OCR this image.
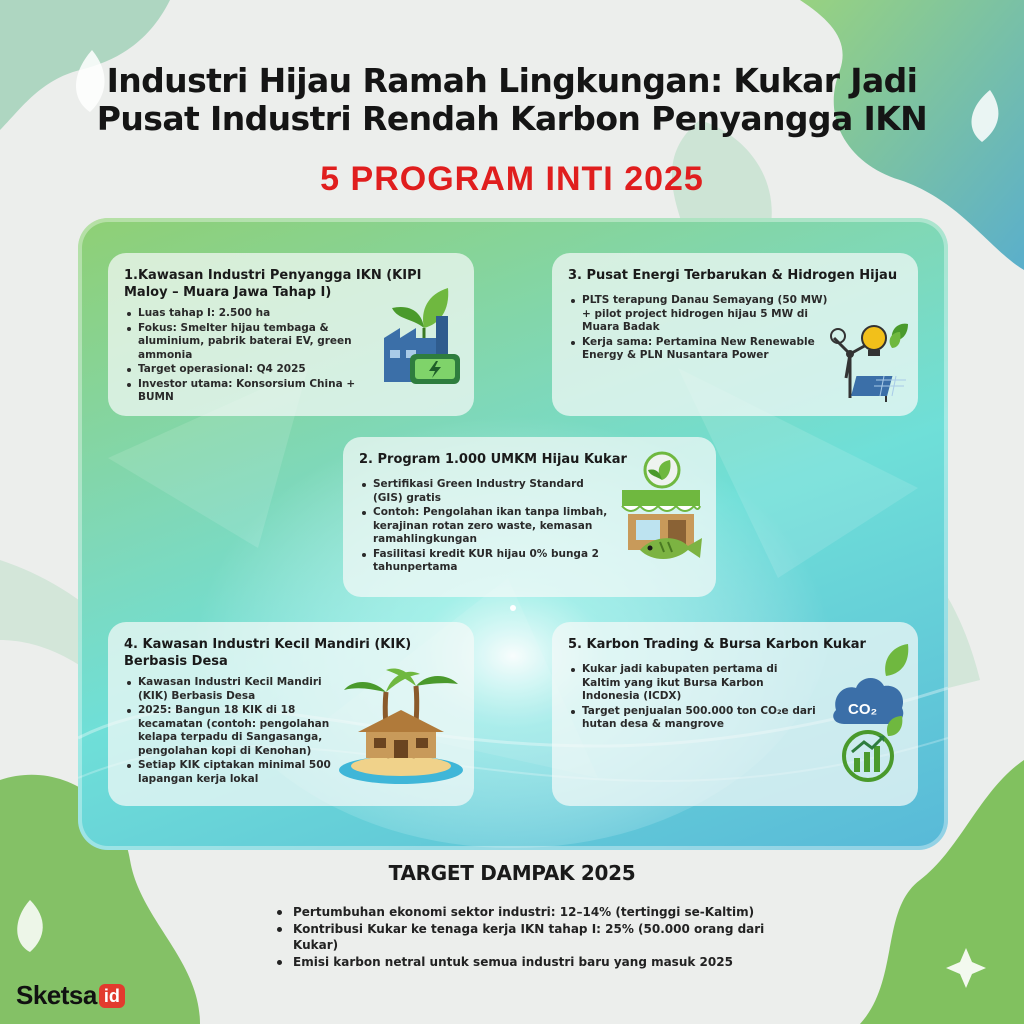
Industri Hijau Ramah Lingkungan: Kukar Jadi
Pusat Industri Rendah Karbon Penyangga IKN
5 PROGRAM INTI 2025
1.Kawasan Industri Penyangga IKN (KIPI Maloy – Muara Jawa Tahap I)
Luas tahap I: 2.500 ha
Fokus: Smelter hijau tembaga & aluminium, pabrik baterai EV, green ammonia
Target operasional: Q4 2025
Investor utama: Konsorsium China + BUMN
3. Pusat Energi Terbarukan & Hidrogen Hijau
PLTS terapung Danau Semayang (50 MW) + pilot project hidrogen hijau 5 MW di Muara Badak
Kerja sama: Pertamina New Renewable Energy & PLN Nusantara Power
2. Program 1.000 UMKM Hijau Kukar
Sertifikasi Green Industry Standard (GIS) gratis
Contoh: Pengolahan ikan tanpa limbah, kerajinan rotan zero waste, kemasan ramahlingkungan
Fasilitasi kredit KUR hijau 0% bunga 2 tahunpertama
4. Kawasan Industri Kecil Mandiri (KIK) Berbasis Desa
Kawasan Industri Kecil Mandiri (KIK) Berbasis Desa
2025: Bangun 18 KIK di 18 kecamatan (contoh: pengolahan kelapa terpadu di Sangasanga, pengolahan kopi di Kenohan)
Setiap KIK ciptakan minimal 500 lapangan kerja lokal
5. Karbon Trading & Bursa Karbon Kukar
Kukar jadi kabupaten pertama di Kaltim yang ikut Bursa Karbon Indonesia (ICDX)
Target penjualan 500.000 ton CO₂e dari hutan desa & mangrove
CO₂
TARGET DAMPAK 2025
Pertumbuhan ekonomi sektor industri: 12–14% (tertinggi se-Kaltim)
Kontribusi Kukar ke tenaga kerja IKN tahap I: 25% (50.000 orang dari Kukar)
Emisi karbon netral untuk semua industri baru yang masuk 2025
Sketsa id
